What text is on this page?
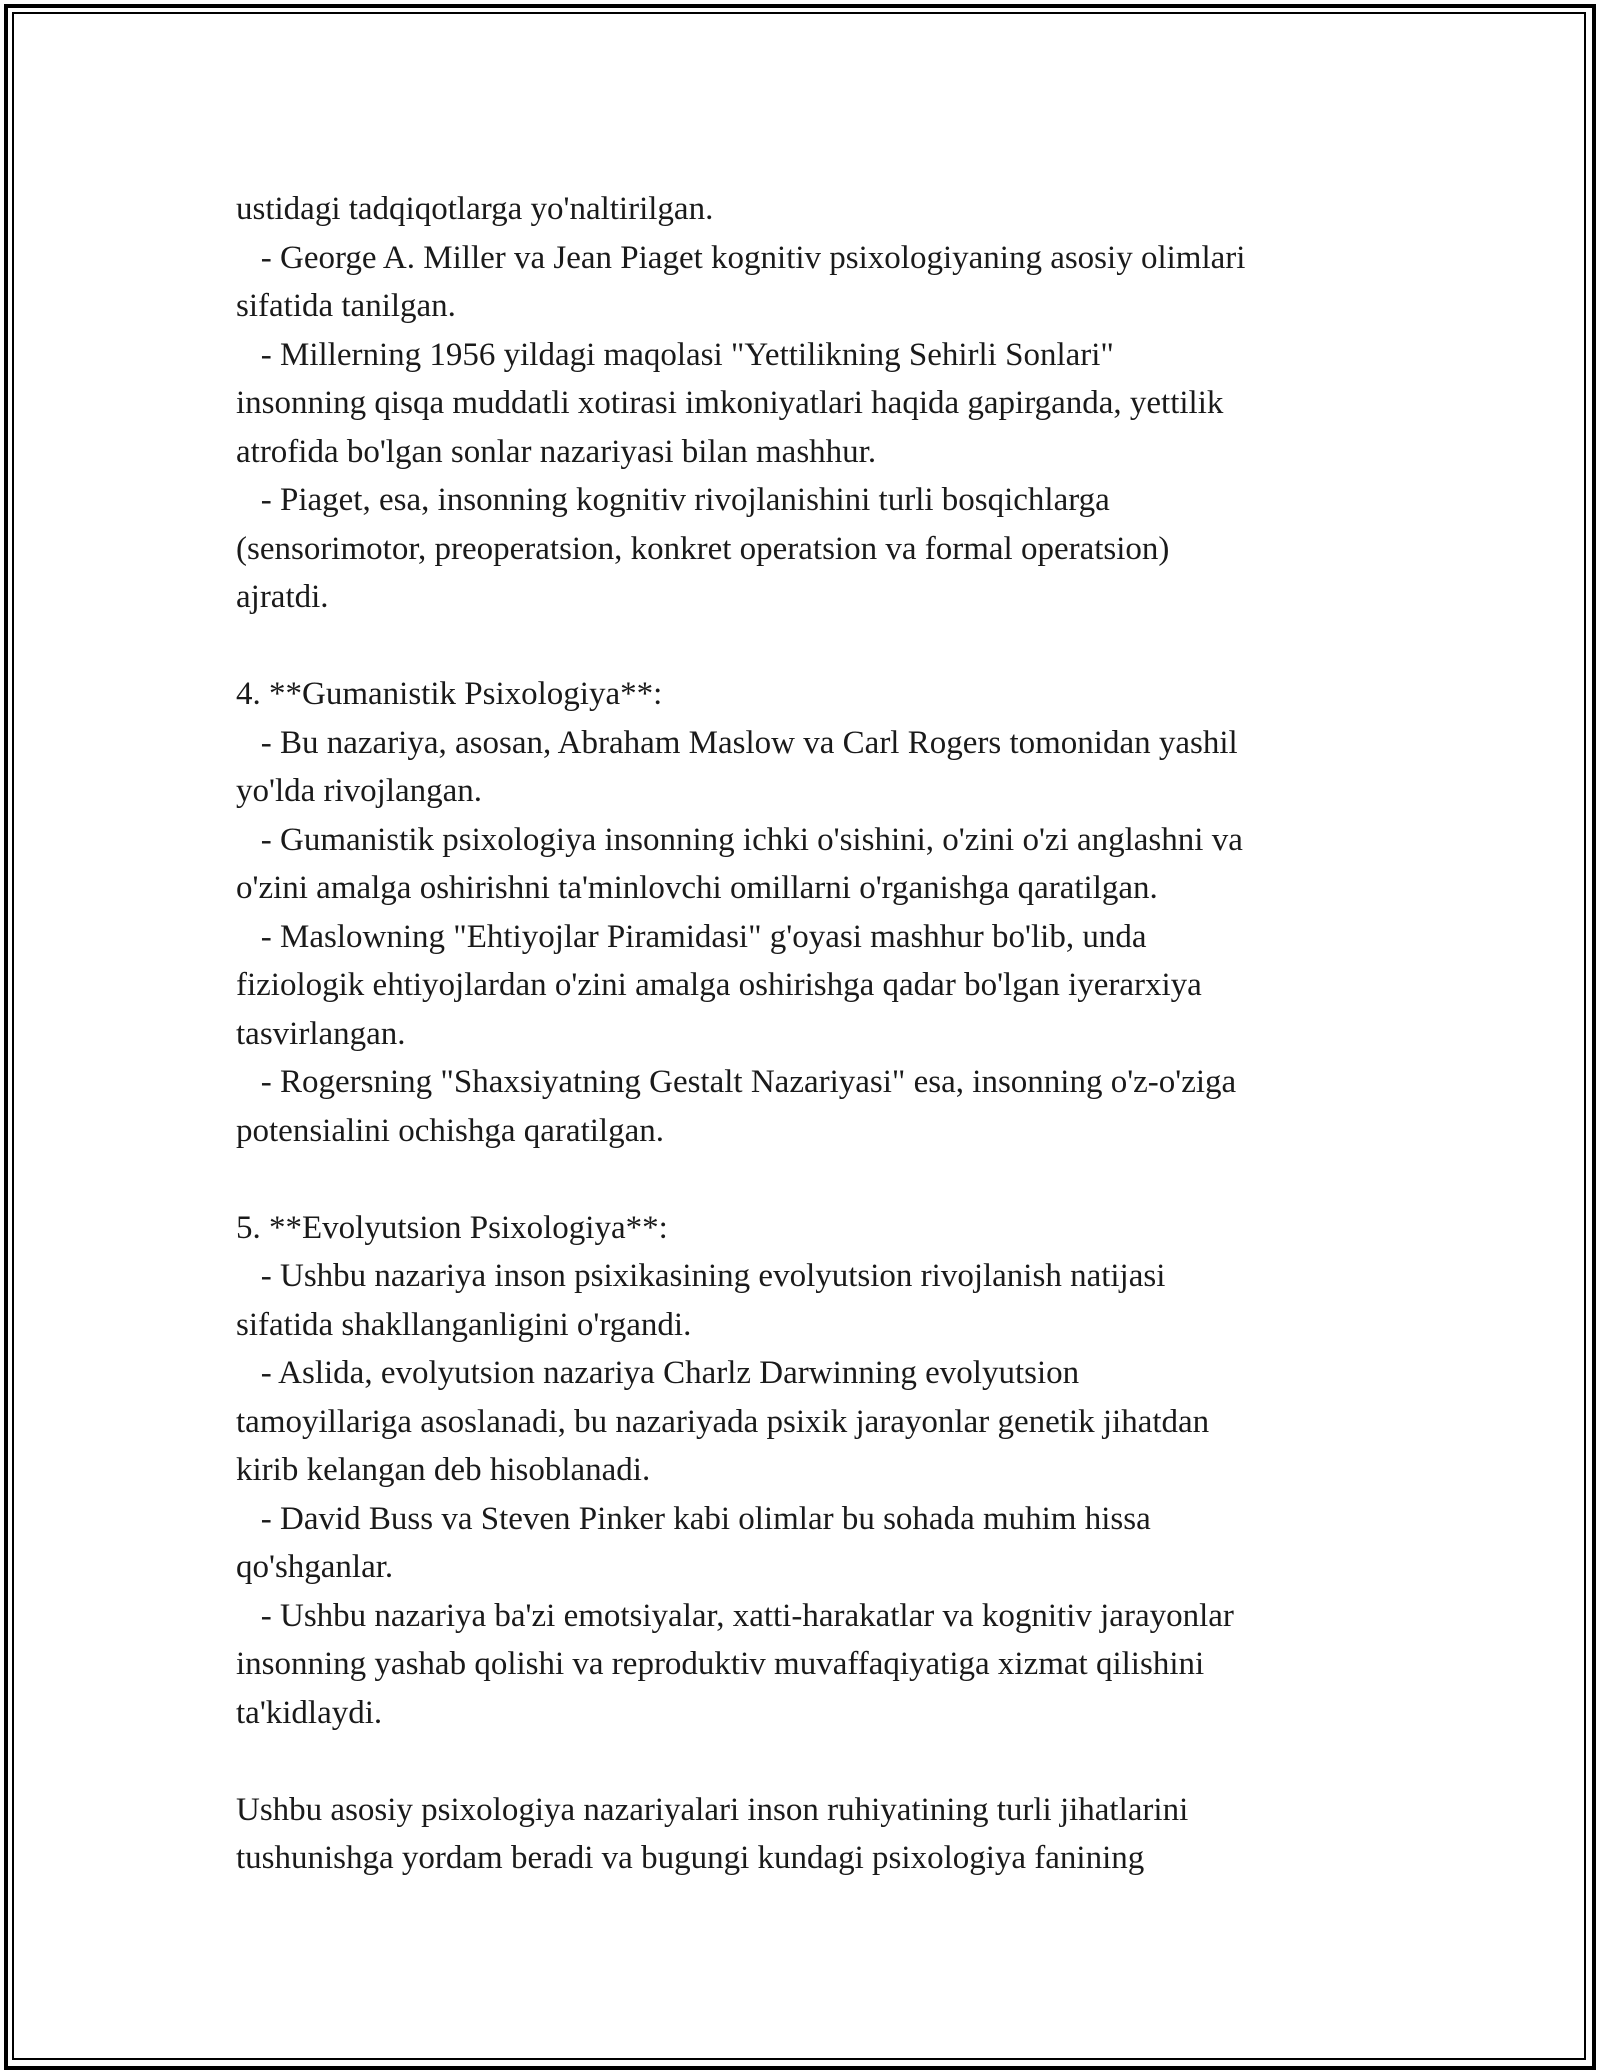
ustidagi tadqiqotlarga yo'naltirilgan.
- George A. Miller va Jean Piaget kognitiv psixologiyaning asosiy olimlari
sifatida tanilgan.
- Millerning 1956 yildagi maqolasi "Yettilikning Sehirli Sonlari"
insonning qisqa muddatli xotirasi imkoniyatlari haqida gapirganda, yettilik
atrofida bo'lgan sonlar nazariyasi bilan mashhur.
- Piaget, esa, insonning kognitiv rivojlanishini turli bosqichlarga
(sensorimotor, preoperatsion, konkret operatsion va formal operatsion)
ajratdi.
4. **Gumanistik Psixologiya**:
- Bu nazariya, asosan, Abraham Maslow va Carl Rogers tomonidan yashil
yo'lda rivojlangan.
- Gumanistik psixologiya insonning ichki o'sishini, o'zini o'zi anglashni va
o'zini amalga oshirishni ta'minlovchi omillarni o'rganishga qaratilgan.
- Maslowning "Ehtiyojlar Piramidasi" g'oyasi mashhur bo'lib, unda
fiziologik ehtiyojlardan o'zini amalga oshirishga qadar bo'lgan iyerarxiya
tasvirlangan.
- Rogersning "Shaxsiyatning Gestalt Nazariyasi" esa, insonning o'z-o'ziga
potensialini ochishga qaratilgan.
5. **Evolyutsion Psixologiya**:
- Ushbu nazariya inson psixikasining evolyutsion rivojlanish natijasi
sifatida shakllanganligini o'rgandi.
- Aslida, evolyutsion nazariya Charlz Darwinning evolyutsion
tamoyillariga asoslanadi, bu nazariyada psixik jarayonlar genetik jihatdan
kirib kelangan deb hisoblanadi.
- David Buss va Steven Pinker kabi olimlar bu sohada muhim hissa
qo'shganlar.
- Ushbu nazariya ba'zi emotsiyalar, xatti-harakatlar va kognitiv jarayonlar
insonning yashab qolishi va reproduktiv muvaffaqiyatiga xizmat qilishini
ta'kidlaydi.
Ushbu asosiy psixologiya nazariyalari inson ruhiyatining turli jihatlarini
tushunishga yordam beradi va bugungi kundagi psixologiya fanining
